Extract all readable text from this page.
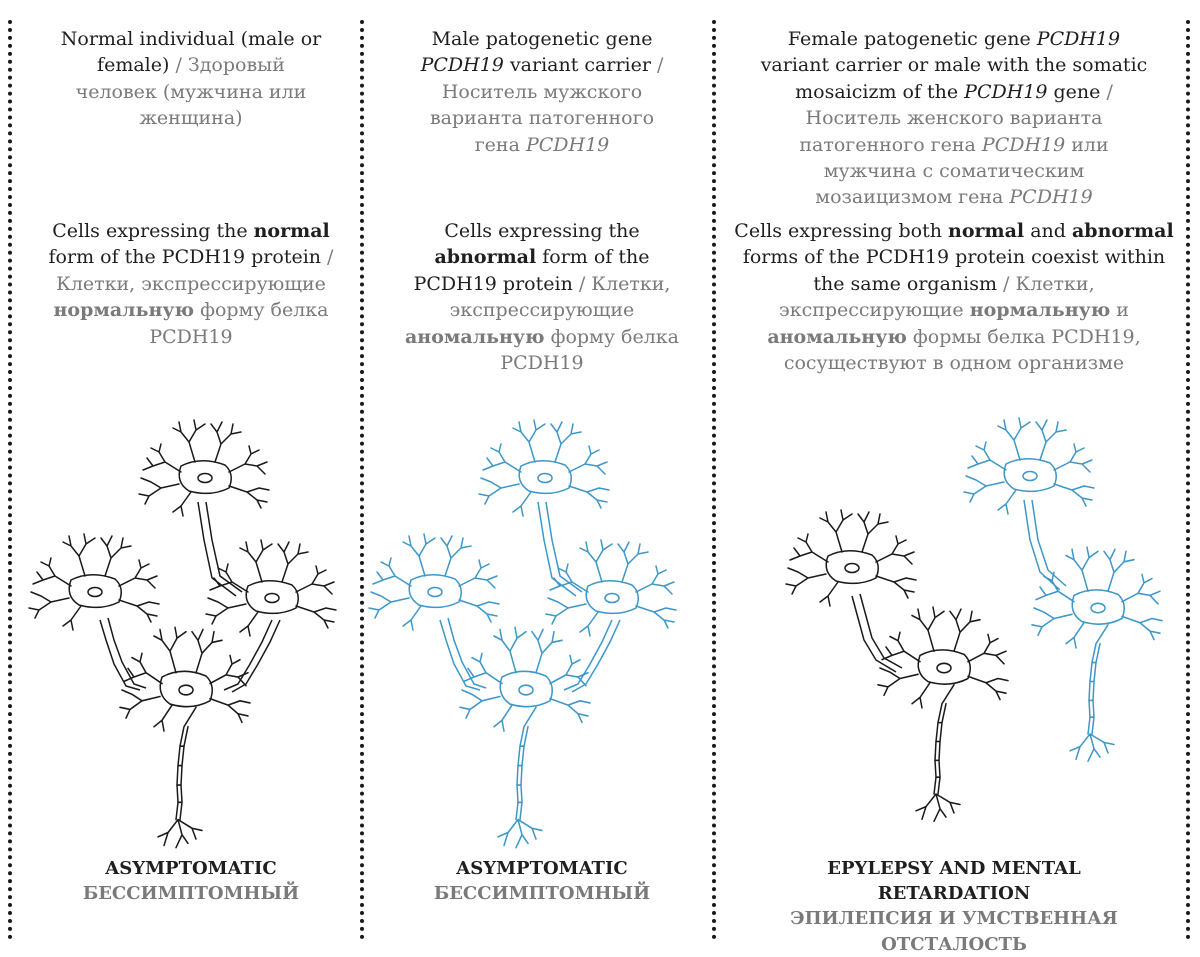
Normal individual (male or female) / Здоровый человек (мужчина или женщина)
Cells expressing the normal form of the PCDH19 protein / Клетки, экспрессирующие нормальную форму белка PCDH19
ASYMPTOMATIC
БЕССИМПТОМНЫЙ
Male patogenetic gene PCDH19 variant carrier / Носитель мужского варианта патогенного гена PCDH19
Cells expressing the abnormal form of the PCDH19 protein / Клетки, экспрессирующие аномальную форму белка PCDH19
ASYMPTOMATIC
БЕССИМПТОМНЫЙ
Female patogenetic gene PCDH19 variant carrier or male with the somatic mosaicizm of the PCDH19 gene / Носитель женского варианта патогенного гена PCDH19 или мужчина с соматическим мозаицизмом гена PCDH19
Cells expressing both normal and abnormal forms of the PCDH19 protein coexist within the same organism / Клетки, экспрессирующие нормальную и аномальную формы белка PCDH19, сосуществуют в одном организме
EPYLEPSY AND MENTAL RETARDATION
ЭПИЛЕПСИЯ И УМСТВЕННАЯ ОТСТАЛОСТЬ
